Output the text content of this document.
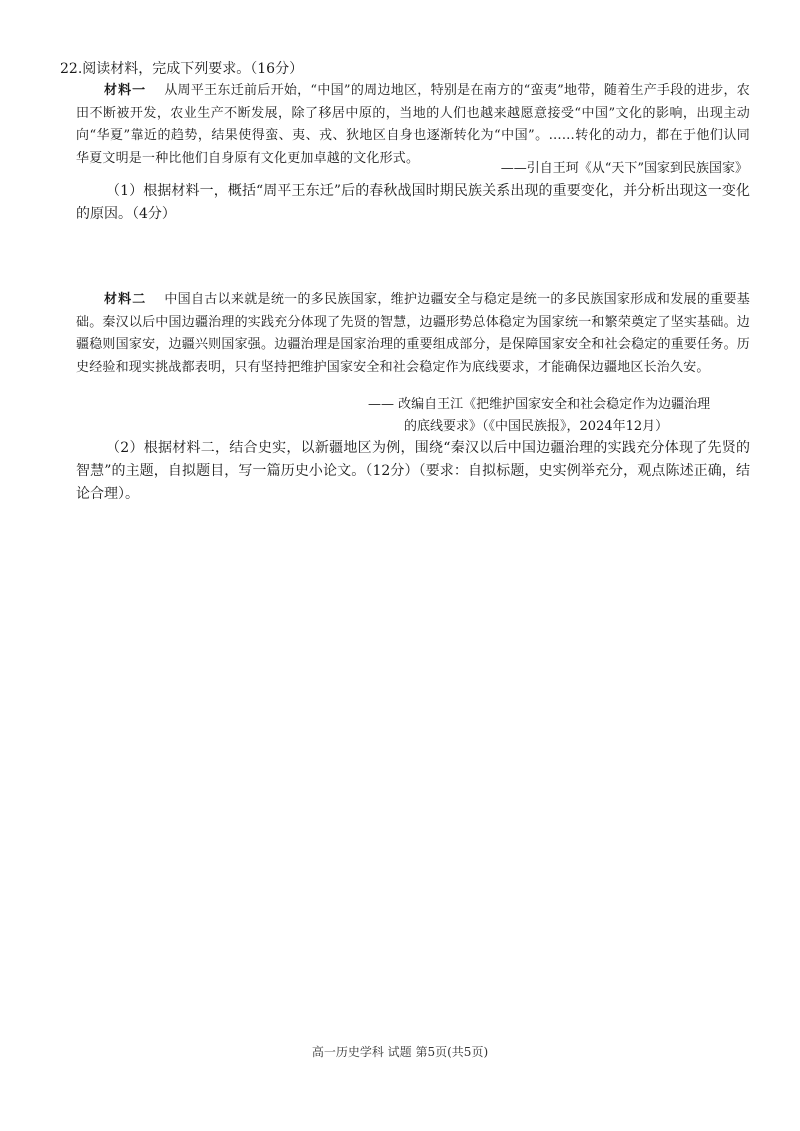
22.阅读材料，完成下列要求。（16分）
材料一 从周平王东迁前后开始，“中国”的周边地区，特别是在南方的“蛮夷”地带，随着生产手段的进步，农田不断被开发，农业生产不断发展，除了移居中原的，当地的人们也越来越愿意接受“中国”文化的影响，出现主动向“华夏”靠近的趋势，结果使得蛮、夷、戎、狄地区自身也逐渐转化为“中国”。……转化的动力，都在于他们认同华夏文明是一种比他们自身原有文化更加卓越的文化形式。
——引自王珂《从“天下”国家到民族国家》
（1）根据材料一，概括“周平王东迁”后的春秋战国时期民族关系出现的重要变化，并分析出现这一变化的原因。（4分）
材料二 中国自古以来就是统一的多民族国家，维护边疆安全与稳定是统一的多民族国家形成和发展的重要基础。秦汉以后中国边疆治理的实践充分体现了先贤的智慧，边疆形势总体稳定为国家统一和繁荣奠定了坚实基础。边疆稳则国家安，边疆兴则国家强。边疆治理是国家治理的重要组成部分，是保障国家安全和社会稳定的重要任务。历史经验和现实挑战都表明，只有坚持把维护国家安全和社会稳定作为底线要求，才能确保边疆地区长治久安。
—— 改编自王江《把维护国家安全和社会稳定作为边疆治理
的底线要求》（《中国民族报》，2024年12月）
（2）根据材料二，结合史实，以新疆地区为例，围绕“秦汉以后中国边疆治理的实践充分体现了先贤的智慧”的主题，自拟题目，写一篇历史小论文。（12分）（要求：自拟标题，史实例举充分，观点陈述正确，结论合理）。
高一历史学科 试题 第5页(共5页)
